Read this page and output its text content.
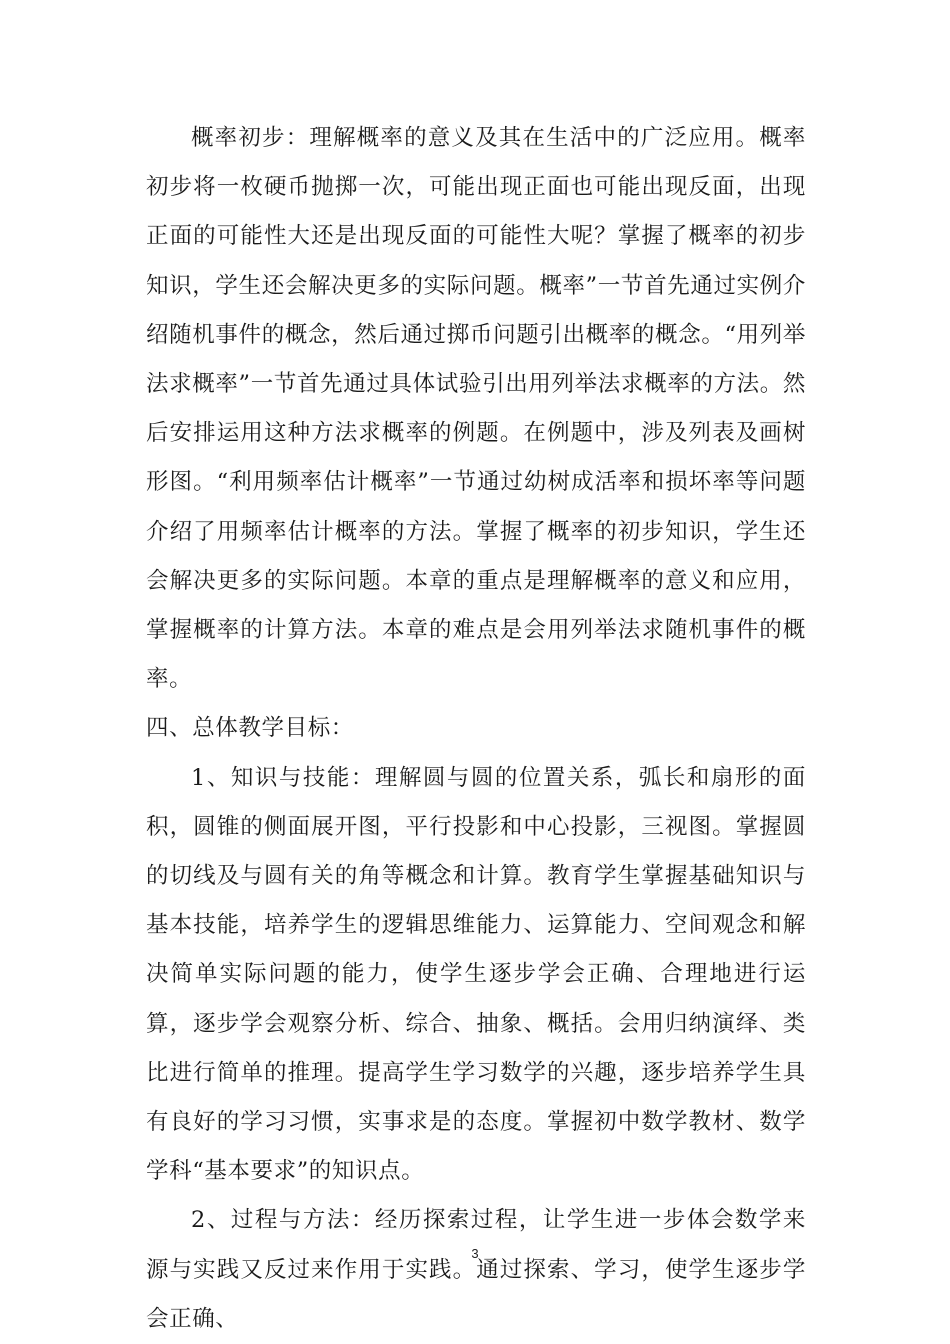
概率初步：理解概率的意义及其在生活中的广泛应用。概率初步将一枚硬币抛掷一次，可能出现正面也可能出现反面，出现正面的可能性大还是出现反面的可能性大呢？掌握了概率的初步知识，学生还会解决更多的实际问题。概率”一节首先通过实例介绍随机事件的概念，然后通过掷币问题引出概率的概念。“用列举法求概率”一节首先通过具体试验引出用列举法求概率的方法。然后安排运用这种方法求概率的例题。在例题中，涉及列表及画树形图。“利用频率估计概率”一节通过幼树成活率和损坏率等问题介绍了用频率估计概率的方法。掌握了概率的初步知识，学生还会解决更多的实际问题。本章的重点是理解概率的意义和应用，掌握概率的计算方法。本章的难点是会用列举法求随机事件的概率。

四、总体教学目标：

1、知识与技能：理解圆与圆的位置关系，弧长和扇形的面积，圆锥的侧面展开图，平行投影和中心投影，三视图。掌握圆的切线及与圆有关的角等概念和计算。教育学生掌握基础知识与基本技能，培养学生的逻辑思维能力、运算能力、空间观念和解决简单实际问题的能力，使学生逐步学会正确、合理地进行运算，逐步学会观察分析、综合、抽象、概括。会用归纳演绎、类比进行简单的推理。提高学生学习数学的兴趣，逐步培养学生具有良好的学习习惯，实事求是的态度。掌握初中数学教材、数学学科“基本要求”的知识点。

2、过程与方法：经历探索过程，让学生进一步体会数学来源与实践又反过来作用于实践。通过探索、学习，使学生逐步学会正确、

3
